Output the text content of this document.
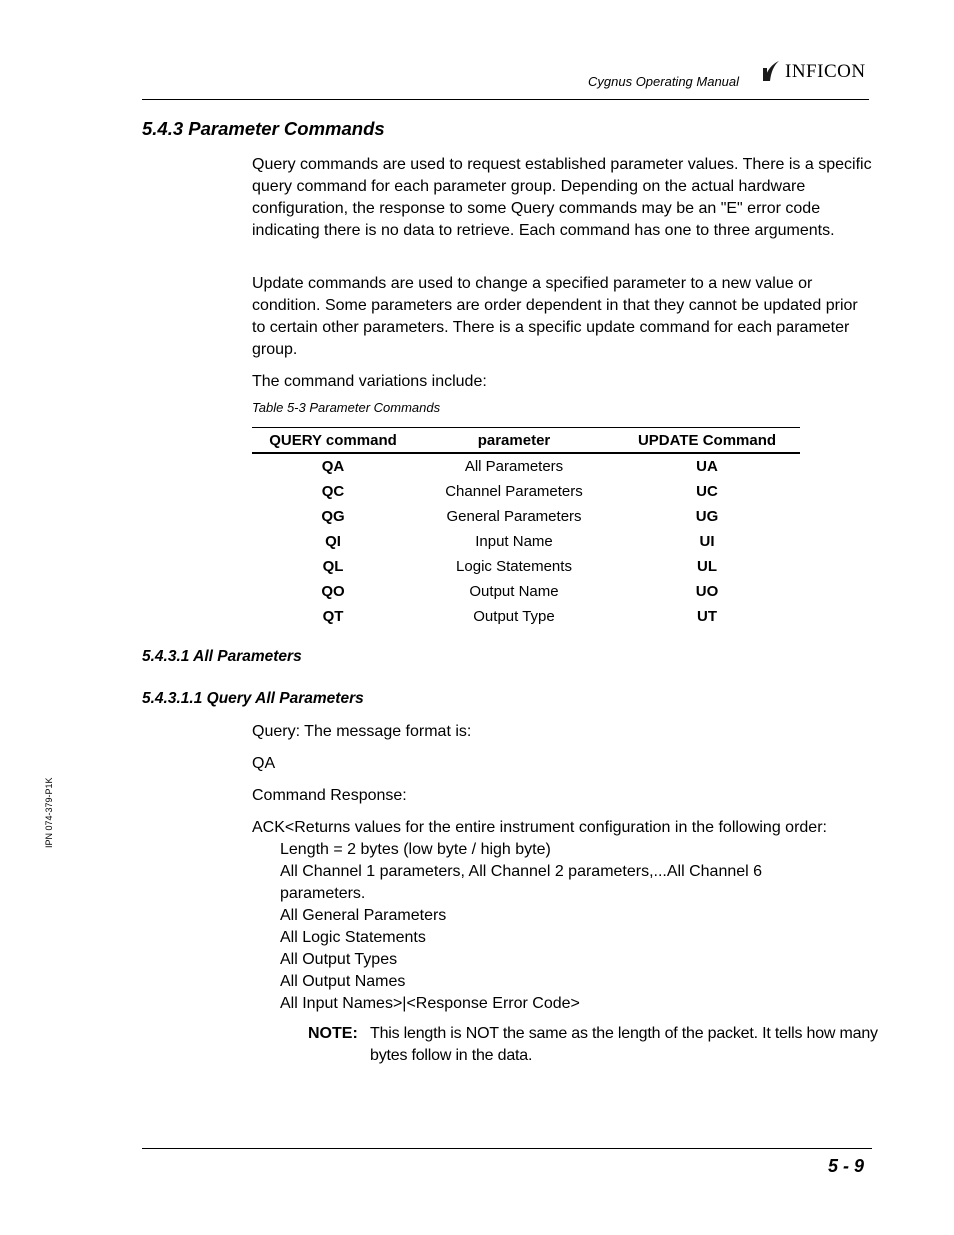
Cygnus Operating Manual INFICON
5.4.3 Parameter Commands
Query commands are used to request established parameter values. There is a specific query command for each parameter group. Depending on the actual hardware configuration, the response to some Query commands may be an "E" error code indicating there is no data to retrieve. Each command has one to three arguments.
Update commands are used to change a specified parameter to a new value or condition. Some parameters are order dependent in that they cannot be updated prior to certain other parameters. There is a specific update command for each parameter group.
The command variations include:
Table 5-3 Parameter Commands
QUERY command	parameter	UPDATE Command
QA	All Parameters	UA
QC	Channel Parameters	UC
QG	General Parameters	UG
QI	Input Name	UI
QL	Logic Statements	UL
QO	Output Name	UO
QT	Output Type	UT
5.4.3.1 All Parameters
5.4.3.1.1 Query All Parameters
Query: The message format is:
QA
Command Response:
ACK<Returns values for the entire instrument configuration in the following order:
Length = 2 bytes (low byte / high byte)
All Channel 1 parameters, All Channel 2 parameters,...All Channel 6 parameters.
All General Parameters
All Logic Statements
All Output Types
All Output Names
All Input Names>|<Response Error Code>
NOTE: This length is NOT the same as the length of the packet. It tells how many bytes follow in the data.
IPN 074-379-P1K
5 - 9
